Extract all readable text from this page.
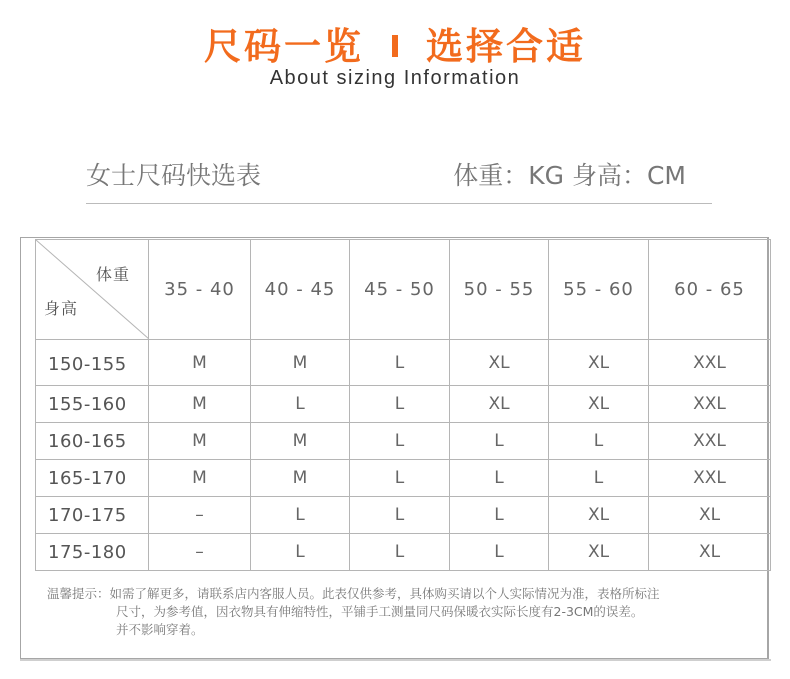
尺码一览 选择合适
About sizing Information
女士尺码快选表	体重：KG 身高：CM
体重
身高	35 - 40	40 - 45	45 - 50	50 - 55	55 - 60	60 - 65
150-155	M	M	L	XL	XL	XXL
155-160	M	L	L	XL	XL	XXL
160-165	M	M	L	L	L	XXL
165-170	M	M	L	L	L	XXL
170-175	–	L	L	L	XL	XL
175-180	–	L	L	L	XL	XL
温馨提示：如需了解更多，请联系店内客服人员。此表仅供参考，具体购买请以个人实际情况为准，表格所标注
尺寸，为参考值，因衣物具有伸缩特性，平铺手工测量同尺码保暖衣实际长度有2-3CM的误差。
并不影响穿着。
